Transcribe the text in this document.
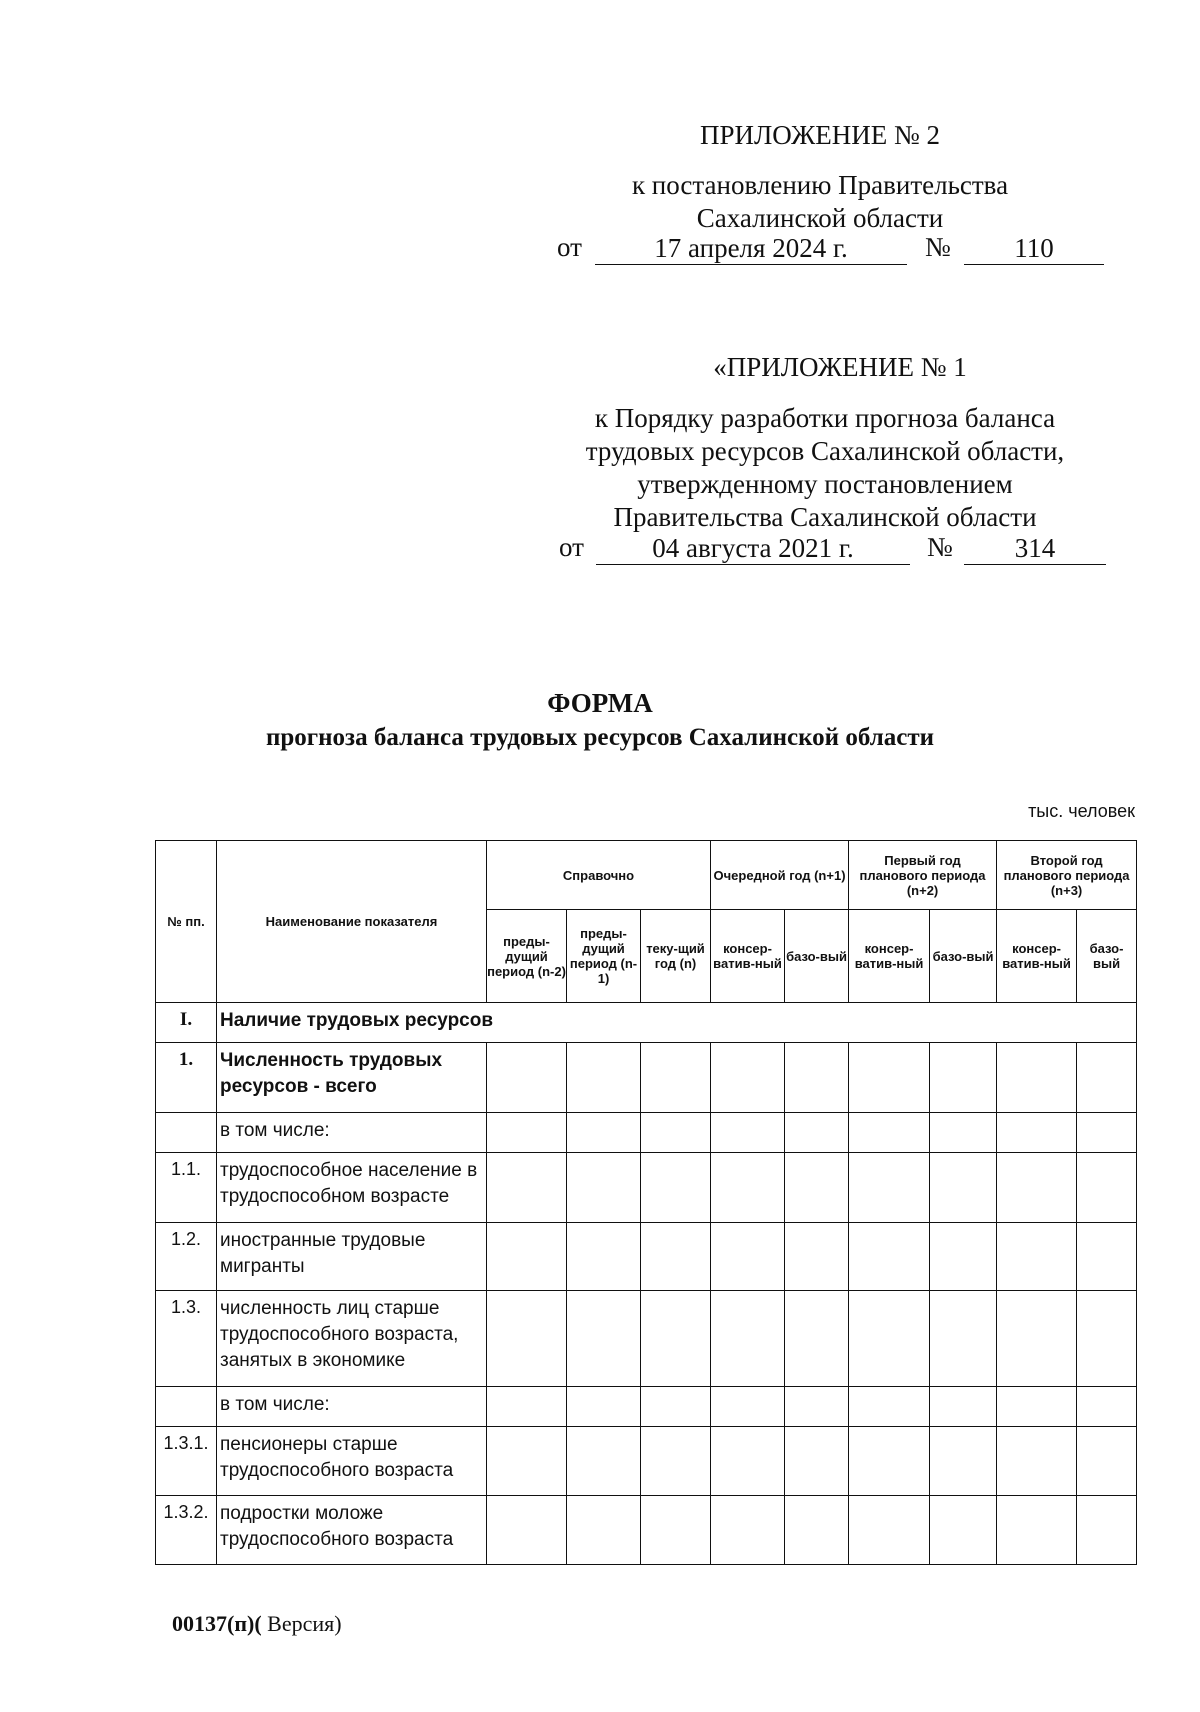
ПРИЛОЖЕНИЕ № 2
к постановлению Правительства
Сахалинской области
от	17 апреля 2024 г.	№	110
«ПРИЛОЖЕНИЕ № 1
к Порядку разработки прогноза баланса
трудовых ресурсов Сахалинской области,
утвержденному постановлением
Правительства Сахалинской области
от	04 августа 2021 г.	№	314
ФОРМА
прогноза баланса трудовых ресурсов Сахалинской области
тыс. человек
№ пп.	Наименование показателя	Справочно			Очередной год (n+1)		Первый год планового периода (n+2)		Второй год планового периода (n+3)	
		преды-дущий период (n-2)	преды-дущий период (n-1)	теку-щий год (n)	консер-ватив-ный	базо-вый	консер-ватив-ный	базо-вый	консер-ватив-ный	базо-вый
I.	Наличие трудовых ресурсов									
1.	Численность трудовых ресурсов - всего									
	в том числе:									
1.1.	трудоспособное население в трудоспособном возрасте									
1.2.	иностранные трудовые мигранты									
1.3.	численность лиц старше трудоспособного возраста, занятых в экономике									
	в том числе:									
1.3.1.	пенсионеры старше трудоспособного возраста									
1.3.2.	подростки моложе трудоспособного возраста									
00137(п)( Версия)
